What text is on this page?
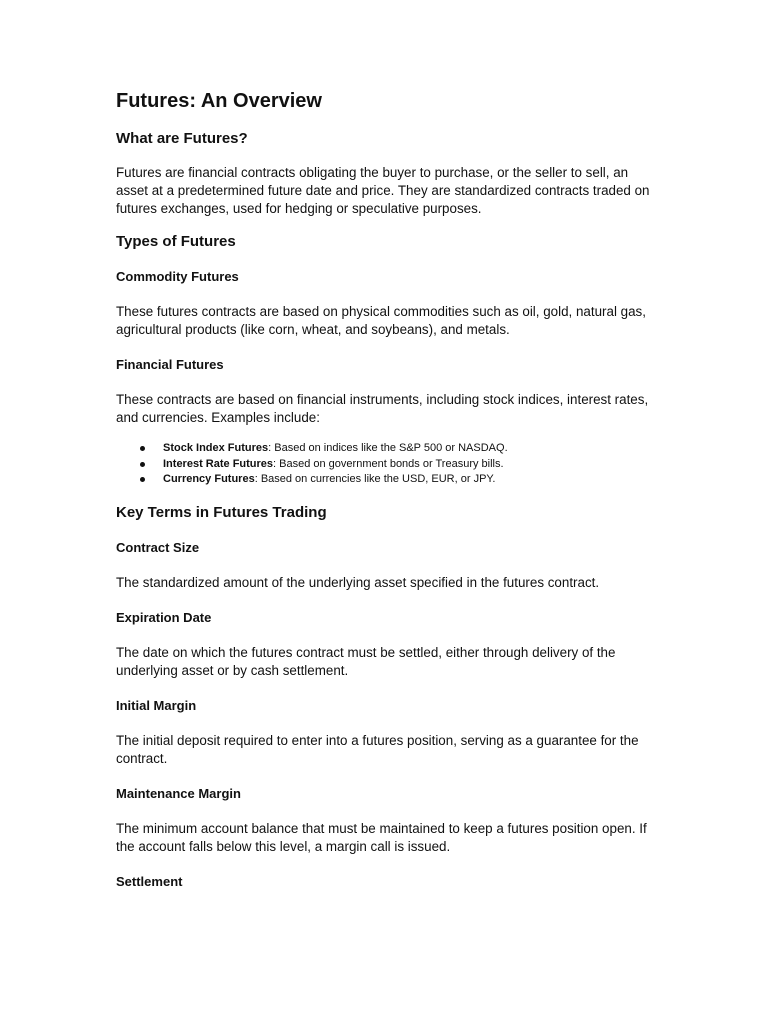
Futures: An Overview
What are Futures?

Futures are financial contracts obligating the buyer to purchase, or the seller to sell, an asset at a predetermined future date and price. They are standardized contracts traded on futures exchanges, used for hedging or speculative purposes.

Types of Futures
Commodity Futures

These futures contracts are based on physical commodities such as oil, gold, natural gas, agricultural products (like corn, wheat, and soybeans), and metals.

Financial Futures

These contracts are based on financial instruments, including stock indices, interest rates, and currencies. Examples include:

Stock Index Futures: Based on indices like the S&P 500 or NASDAQ.
Interest Rate Futures: Based on government bonds or Treasury bills.
Currency Futures: Based on currencies like the USD, EUR, or JPY.
Key Terms in Futures Trading
Contract Size

The standardized amount of the underlying asset specified in the futures contract.

Expiration Date

The date on which the futures contract must be settled, either through delivery of the underlying asset or by cash settlement.

Initial Margin

The initial deposit required to enter into a futures position, serving as a guarantee for the contract.

Maintenance Margin

The minimum account balance that must be maintained to keep a futures position open. If the account falls below this level, a margin call is issued.

Settlement
